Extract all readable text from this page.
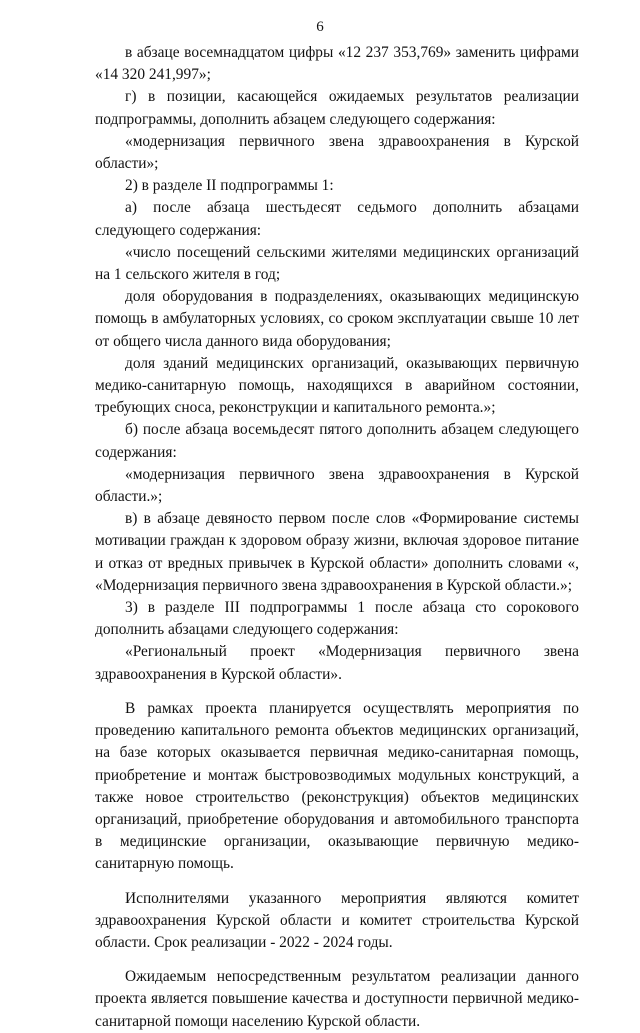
6

в абзаце восемнадцатом цифры «12 237 353,769» заменить цифрами «14 320 241,997»;

г) в позиции, касающейся ожидаемых результатов реализации подпрограммы, дополнить абзацем следующего содержания:

«модернизация первичного звена здравоохранения в Курской области»;

2) в разделе II подпрограммы 1:

а) после абзаца шестьдесят седьмого дополнить абзацами следующего содержания:

«число посещений сельскими жителями медицинских организаций на 1 сельского жителя в год;

доля оборудования в подразделениях, оказывающих медицинскую помощь в амбулаторных условиях, со сроком эксплуатации свыше 10 лет от общего числа данного вида оборудования;

доля зданий медицинских организаций, оказывающих первичную медико-санитарную помощь, находящихся в аварийном состоянии, требующих сноса, реконструкции и капитального ремонта.»;

б) после абзаца восемьдесят пятого дополнить абзацем следующего содержания:

«модернизация первичного звена здравоохранения в Курской области.»;

в) в абзаце девяносто первом после слов «Формирование системы мотивации граждан к здоровом образу жизни, включая здоровое питание и отказ от вредных привычек в Курской области» дополнить словами «, «Модернизация первичного звена здравоохранения в Курской области.»;

3) в разделе III подпрограммы 1 после абзаца сто сорокового дополнить абзацами следующего содержания:

«Региональный проект «Модернизация первичного звена здравоохранения в Курской области».

В рамках проекта планируется осуществлять мероприятия по проведению капитального ремонта объектов медицинских организаций, на базе которых оказывается первичная медико-санитарная помощь, приобретение и монтаж быстровозводимых модульных конструкций, а также новое строительство (реконструкция) объектов медицинских организаций, приобретение оборудования и автомобильного транспорта в медицинские организации, оказывающие первичную медико-санитарную помощь.

Исполнителями указанного мероприятия являются комитет здравоохранения Курской области и комитет строительства Курской области. Срок реализации - 2022 - 2024 годы.

Ожидаемым непосредственным результатом реализации данного проекта является повышение качества и доступности первичной медико-санитарной помощи населению Курской области.
